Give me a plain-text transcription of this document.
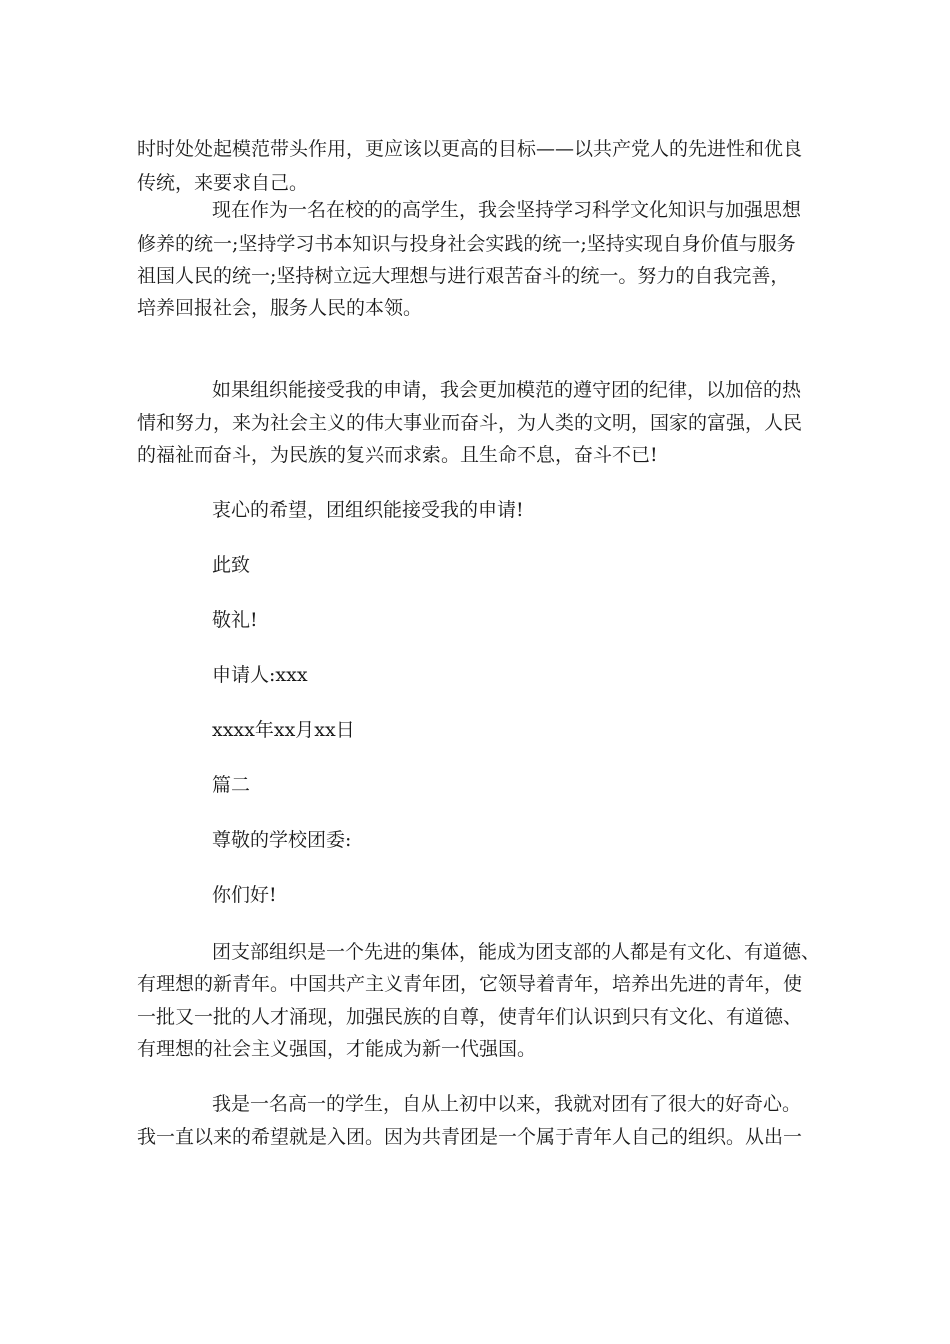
时时处处起模范带头作用，更应该以更高的目标——以共产党人的先进性和优良
传统，来要求自己。
现在作为一名在校的的高学生，我会坚持学习科学文化知识与加强思想
修养的统一;坚持学习书本知识与投身社会实践的统一;坚持实现自身价值与服务
祖国人民的统一;坚持树立远大理想与进行艰苦奋斗的统一。努力的自我完善，
培养回报社会，服务人民的本领。
如果组织能接受我的申请，我会更加模范的遵守团的纪律，以加倍的热
情和努力，来为社会主义的伟大事业而奋斗，为人类的文明，国家的富强，人民
的福祉而奋斗，为民族的复兴而求索。且生命不息，奋斗不已!
衷心的希望，团组织能接受我的申请!
此致
敬礼!
申请人:xxx
xxxx年xx月xx日
篇二
尊敬的学校团委:
你们好!
团支部组织是一个先进的集体，能成为团支部的人都是有文化、有道德、
有理想的新青年。中国共产主义青年团，它领导着青年，培养出先进的青年，使
一批又一批的人才涌现，加强民族的自尊，使青年们认识到只有文化、有道德、
有理想的社会主义强国，才能成为新一代强国。
我是一名高一的学生，自从上初中以来，我就对团有了很大的好奇心。
我一直以来的希望就是入团。因为共青团是一个属于青年人自己的组织。从出一
